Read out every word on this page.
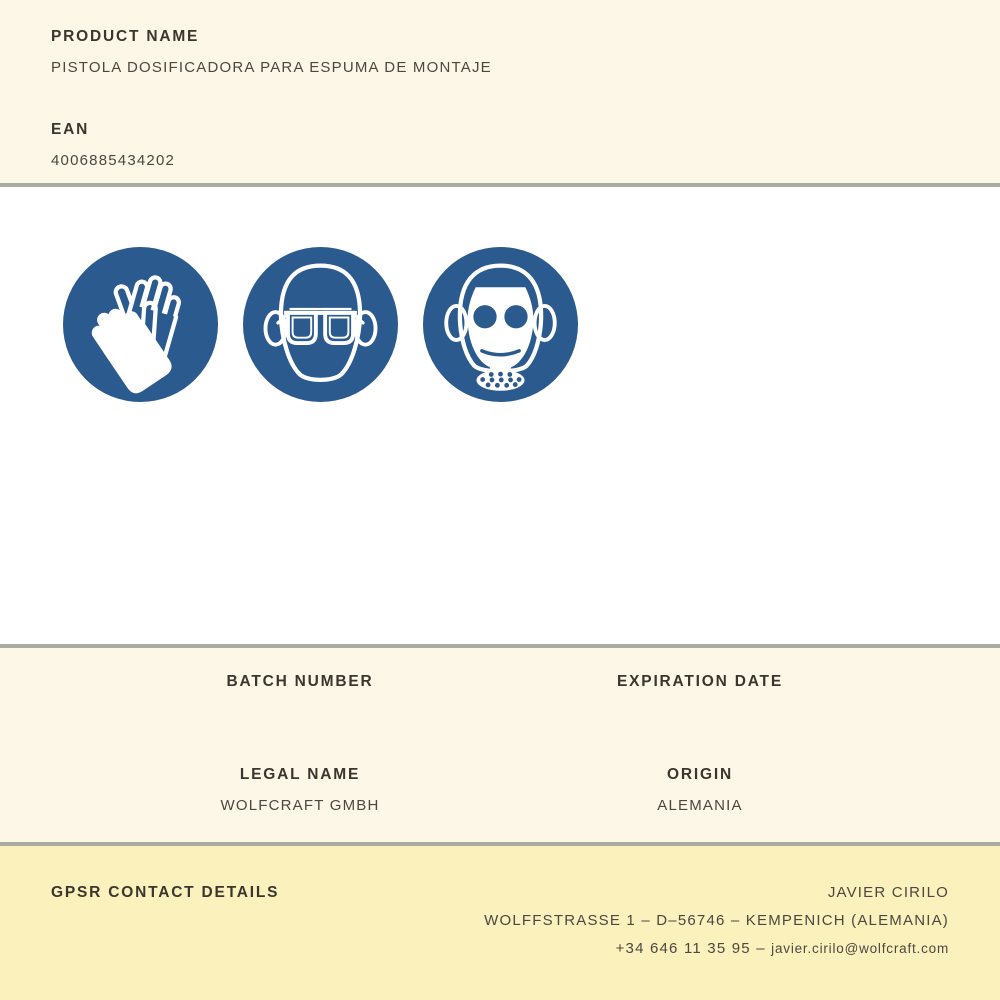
PRODUCT NAME
PISTOLA DOSIFICADORA PARA ESPUMA DE MONTAJE
EAN
4006885434202
BATCH NUMBER	EXPIRATION DATE
LEGAL NAME
WOLFCRAFT GMBH
ORIGIN
ALEMANIA
GPSR CONTACT DETAILS	JAVIER CIRILO
WOLFFSTRASSE 1 – D–56746 – KEMPENICH (ALEMANIA)
+34 646 11 35 95 – javier.cirilo@wolfcraft.com
